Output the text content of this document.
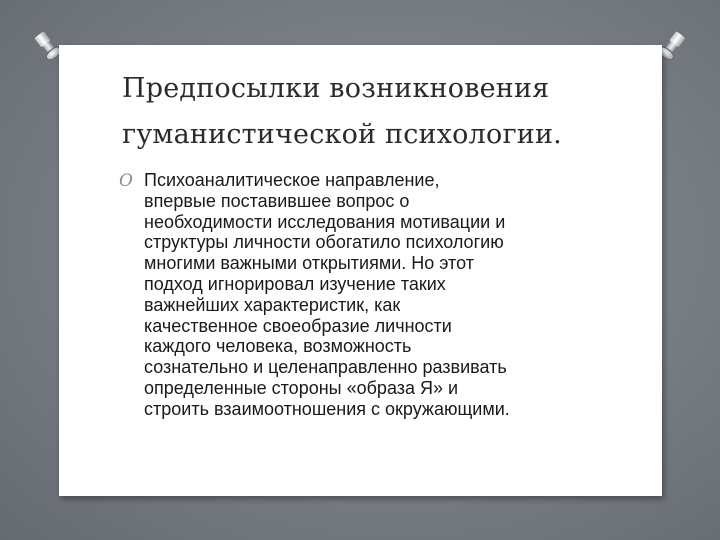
Предпосылки возникновения
гуманистической психологии.
O Психоаналитическое направление,
впервые поставившее вопрос о
необходимости исследования мотивации и
структуры личности обогатило психологию
многими важными открытиями. Но этот
подход игнорировал изучение таких
важнейших характеристик, как
качественное своеобразие личности
каждого человека, возможность
сознательно и целенаправленно развивать
определенные стороны «образа Я» и
строить взаимоотношения с окружающими.
